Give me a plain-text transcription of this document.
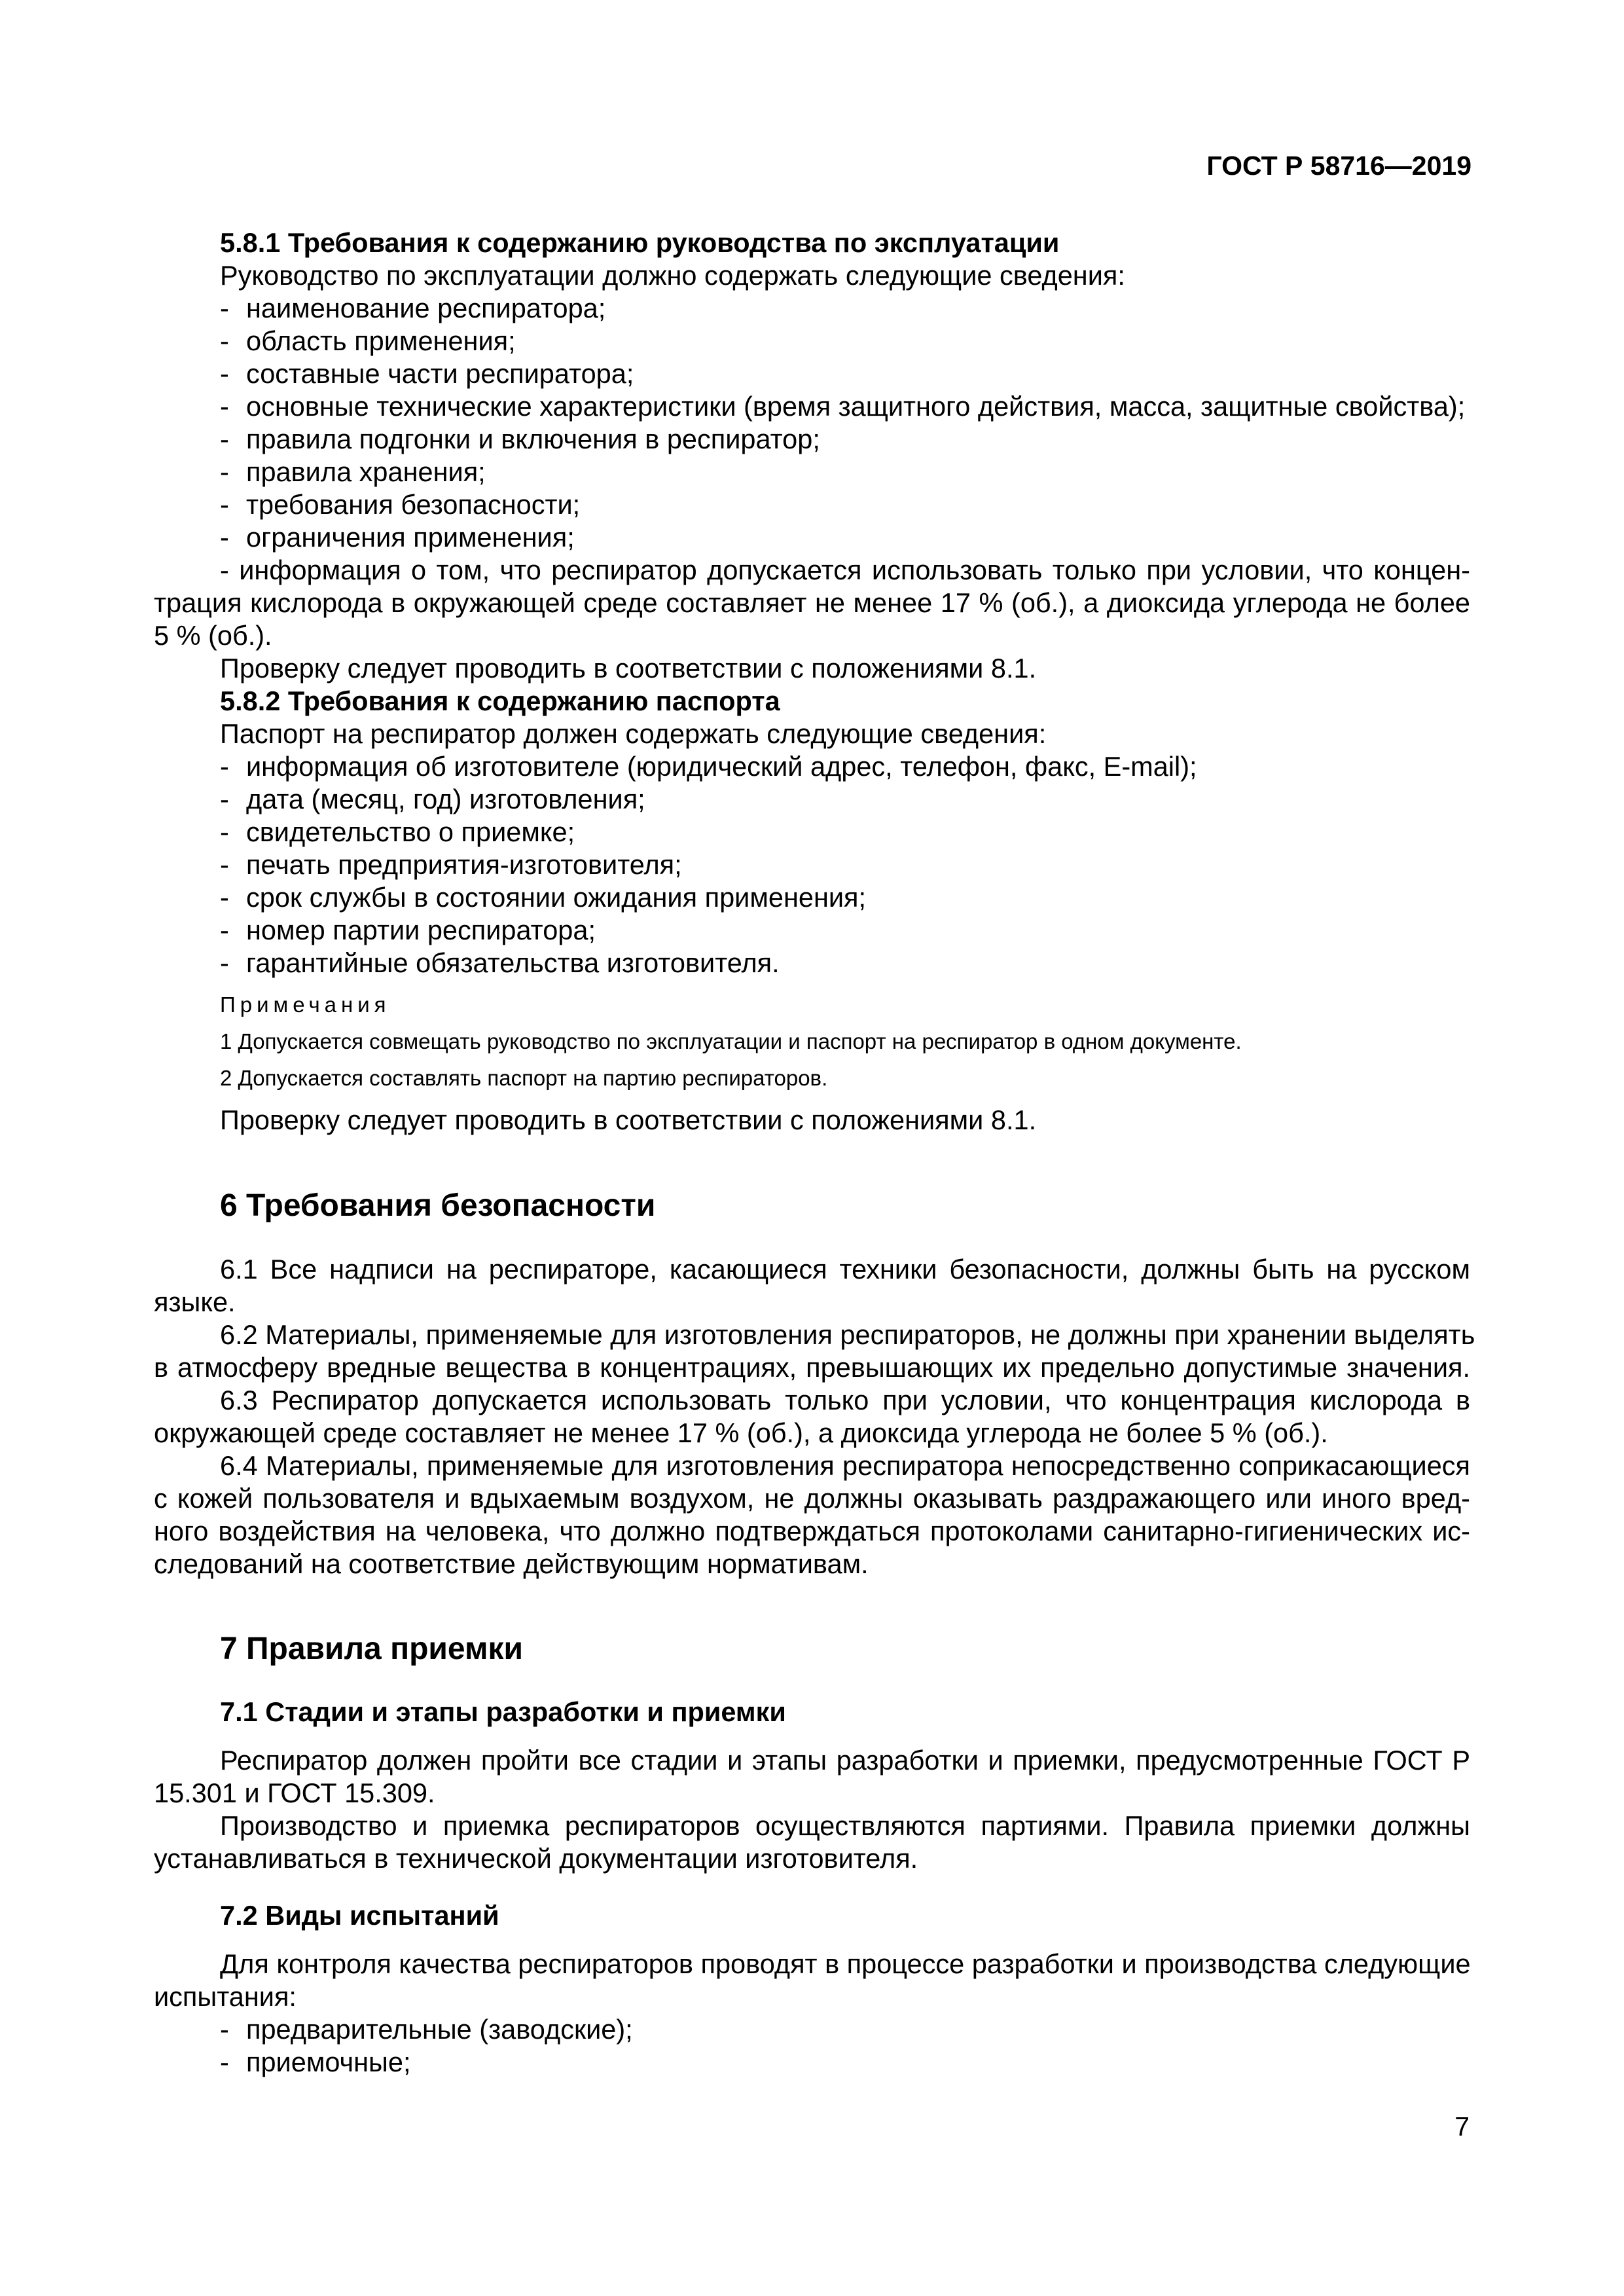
ГОСТ Р 58716—2019
5.8.1 Требования к содержанию руководства по эксплуатации
Руководство по эксплуатации должно содержать следующие сведения:
- наименование респиратора;
- область применения;
- составные части респиратора;
- основные технические характеристики (время защитного действия, масса, защитные свойства);
- правила подгонки и включения в респиратор;
- правила хранения;
- требования безопасности;
- ограничения применения;
- информация о том, что респиратор допускается использовать только при условии, что концен-
трация кислорода в окружающей среде составляет не менее 17 % (об.), а диоксида углерода не более
5 % (об.).
Проверку следует проводить в соответствии с положениями 8.1.
5.8.2 Требования к содержанию паспорта
Паспорт на респиратор должен содержать следующие сведения:
- информация об изготовителе (юридический адрес, телефон, факс, E-mail);
- дата (месяц, год) изготовления;
- свидетельство о приемке;
- печать предприятия-изготовителя;
- срок службы в состоянии ожидания применения;
- номер партии респиратора;
- гарантийные обязательства изготовителя.
Примечания
1 Допускается совмещать руководство по эксплуатации и паспорт на респиратор в одном документе.
2 Допускается составлять паспорт на партию респираторов.
Проверку следует проводить в соответствии с положениями 8.1.
6 Требования безопасности
6.1 Все надписи на респираторе, касающиеся техники безопасности, должны быть на русском
языке.
6.2 Материалы, применяемые для изготовления респираторов, не должны при хранении выделять
в атмосферу вредные вещества в концентрациях, превышающих их предельно допустимые значения.
6.3 Респиратор допускается использовать только при условии, что концентрация кислорода в
окружающей среде составляет не менее 17 % (об.), а диоксида углерода не более 5 % (об.).
6.4 Материалы, применяемые для изготовления респиратора непосредственно соприкасающиеся
с кожей пользователя и вдыхаемым воздухом, не должны оказывать раздражающего или иного вред-
ного воздействия на человека, что должно подтверждаться протоколами санитарно-гигиенических ис-
следований на соответствие действующим нормативам.
7 Правила приемки
7.1 Стадии и этапы разработки и приемки
Респиратор должен пройти все стадии и этапы разработки и приемки, предусмотренные ГОСТ Р
15.301 и ГОСТ 15.309.
Производство и приемка респираторов осуществляются партиями. Правила приемки должны
устанавливаться в технической документации изготовителя.
7.2 Виды испытаний
Для контроля качества респираторов проводят в процессе разработки и производства следующие
испытания:
- предварительные (заводские);
- приемочные;
7
